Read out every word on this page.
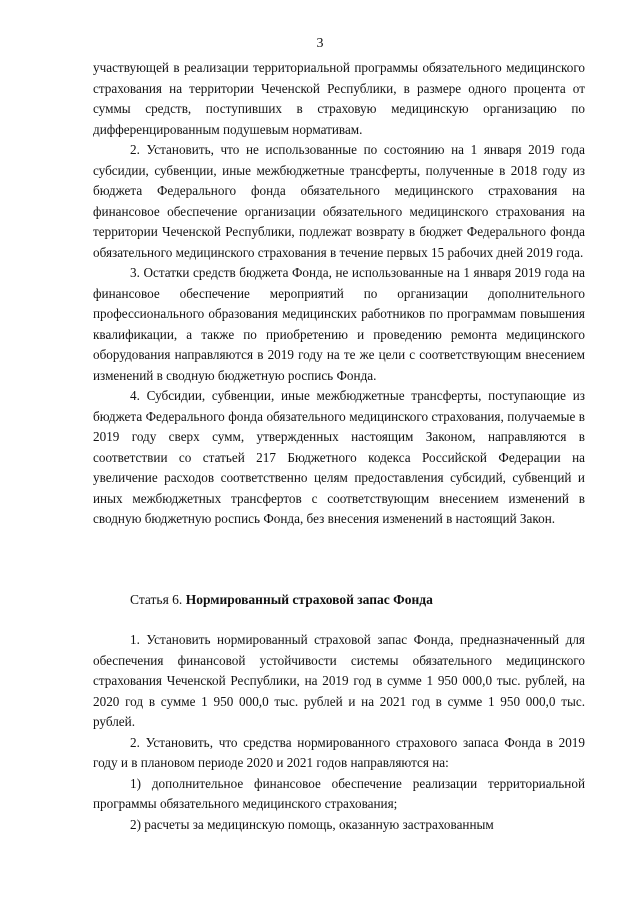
3

участвующей в реализации территориальной программы обязательного медицинского страхования на территории Чеченской Республики, в размере одного процента от суммы средств, поступивших в страховую медицинскую организацию по дифференцированным подушевым нормативам.

2. Установить, что не использованные по состоянию на 1 января 2019 года субсидии, субвенции, иные межбюджетные трансферты, полученные в 2018 году из бюджета Федерального фонда обязательного медицинского страхования на финансовое обеспечение организации обязательного медицинского страхования на территории Чеченской Республики, подлежат возврату в бюджет Федерального фонда обязательного медицинского страхования в течение первых 15 рабочих дней 2019 года.

3. Остатки средств бюджета Фонда, не использованные на 1 января 2019 года на финансовое обеспечение мероприятий по организации дополнительного профессионального образования медицинских работников по программам повышения квалификации, а также по приобретению и проведению ремонта медицинского оборудования направляются в 2019 году на те же цели с соответствующим внесением изменений в сводную бюджетную роспись Фонда.

4. Субсидии, субвенции, иные межбюджетные трансферты, поступающие из бюджета Федерального фонда обязательного медицинского страхования, получаемые в 2019 году сверх сумм, утвержденных настоящим Законом, направляются в соответствии со статьей 217 Бюджетного кодекса Российской Федерации на увеличение расходов соответственно целям предоставления субсидий, субвенций и иных межбюджетных трансфертов с соответствующим внесением изменений в сводную бюджетную роспись Фонда, без внесения изменений в настоящий Закон.

Статья 6. Нормированный страховой запас Фонда

1. Установить нормированный страховой запас Фонда, предназначенный для обеспечения финансовой устойчивости системы обязательного медицинского страхования Чеченской Республики, на 2019 год в сумме 1 950 000,0 тыс. рублей, на 2020 год в сумме 1 950 000,0 тыс. рублей и на 2021 год в сумме 1 950 000,0 тыс. рублей.

2. Установить, что средства нормированного страхового запаса Фонда в 2019 году и в плановом периоде 2020 и 2021 годов направляются на:

1) дополнительное финансовое обеспечение реализации территориальной программы обязательного медицинского страхования;

2) расчеты за медицинскую помощь, оказанную застрахованным
